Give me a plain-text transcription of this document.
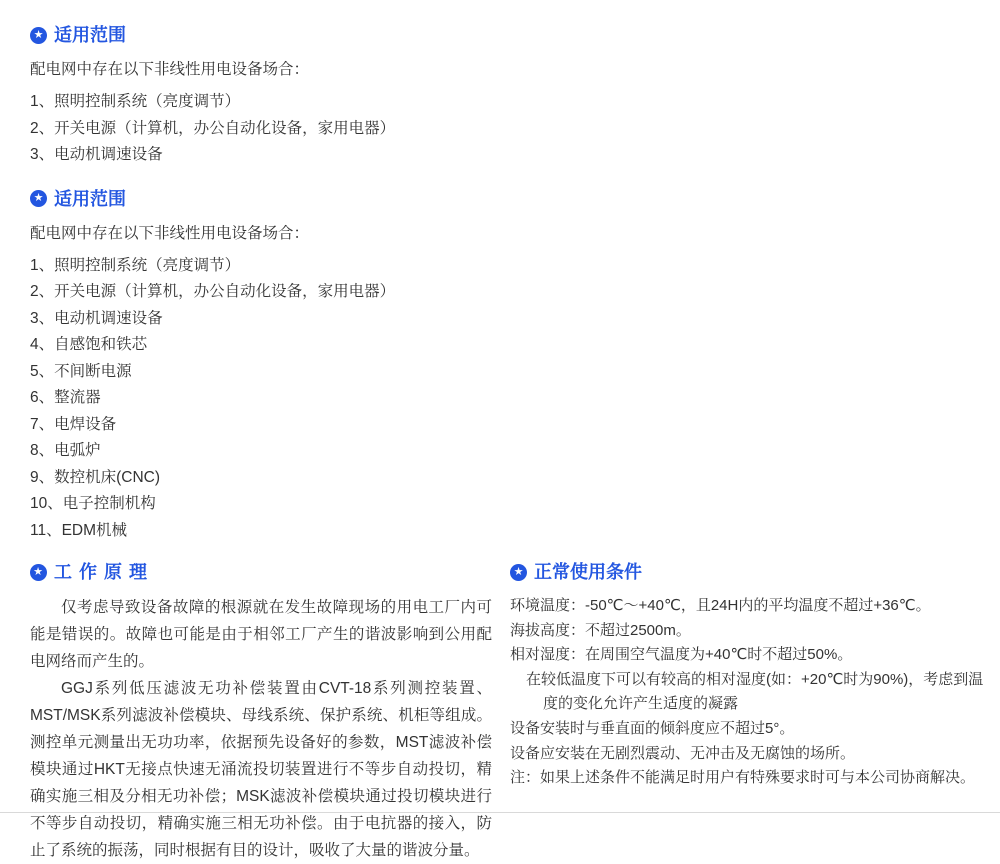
★ 适用范围

配电网中存在以下非线性用电设备场合：

1、照明控制系统（亮度调节）
2、开关电源（计算机，办公自动化设备，家用电器）
3、电动机调速设备
★ 适用范围

配电网中存在以下非线性用电设备场合：

1、照明控制系统（亮度调节）
2、开关电源（计算机，办公自动化设备，家用电器）
3、电动机调速设备
4、自感饱和铁芯
5、不间断电源
6、整流器
7、电焊设备
8、电弧炉
9、数控机床(CNC)
10、电子控制机构
11、EDM机械
★ 工 作 原 理

仅考虑导致设备故障的根源就在发生故障现场的用电工厂内可能是错误的。故障也可能是由于相邻工厂产生的谐波影响到公用配电网络而产生的。

GGJ系列低压滤波无功补偿装置由CVT-18系列测控装置、MST/MSK系列滤波补偿模块、母线系统、保护系统、机柜等组成。测控单元测量出无功功率，依据预先设备好的参数，MST滤波补偿模块通过HKT无接点快速无涌流投切装置进行不等步自动投切，精确实施三相及分相无功补偿；MSK滤波补偿模块通过投切模块进行不等步自动投切，精确实施三相无功补偿。由于电抗器的接入，防止了系统的振荡，同时根据有目的设计，吸收了大量的谐波分量。

★ 正常使用条件
环境温度：-50℃～+40℃，且24H内的平均温度不超过+36℃。
海拔高度：不超过2500m。
相对湿度：在周围空气温度为+40℃时不超过50%。
在较低温度下可以有较高的相对湿度(如：+20℃时为90%)，考虑到温
度的变化允许产生适度的凝露
设备安装时与垂直面的倾斜度应不超过5°。
设备应安装在无剧烈震动、无冲击及无腐蚀的场所。
注：如果上述条件不能满足时用户有特殊要求时可与本公司协商解决。
